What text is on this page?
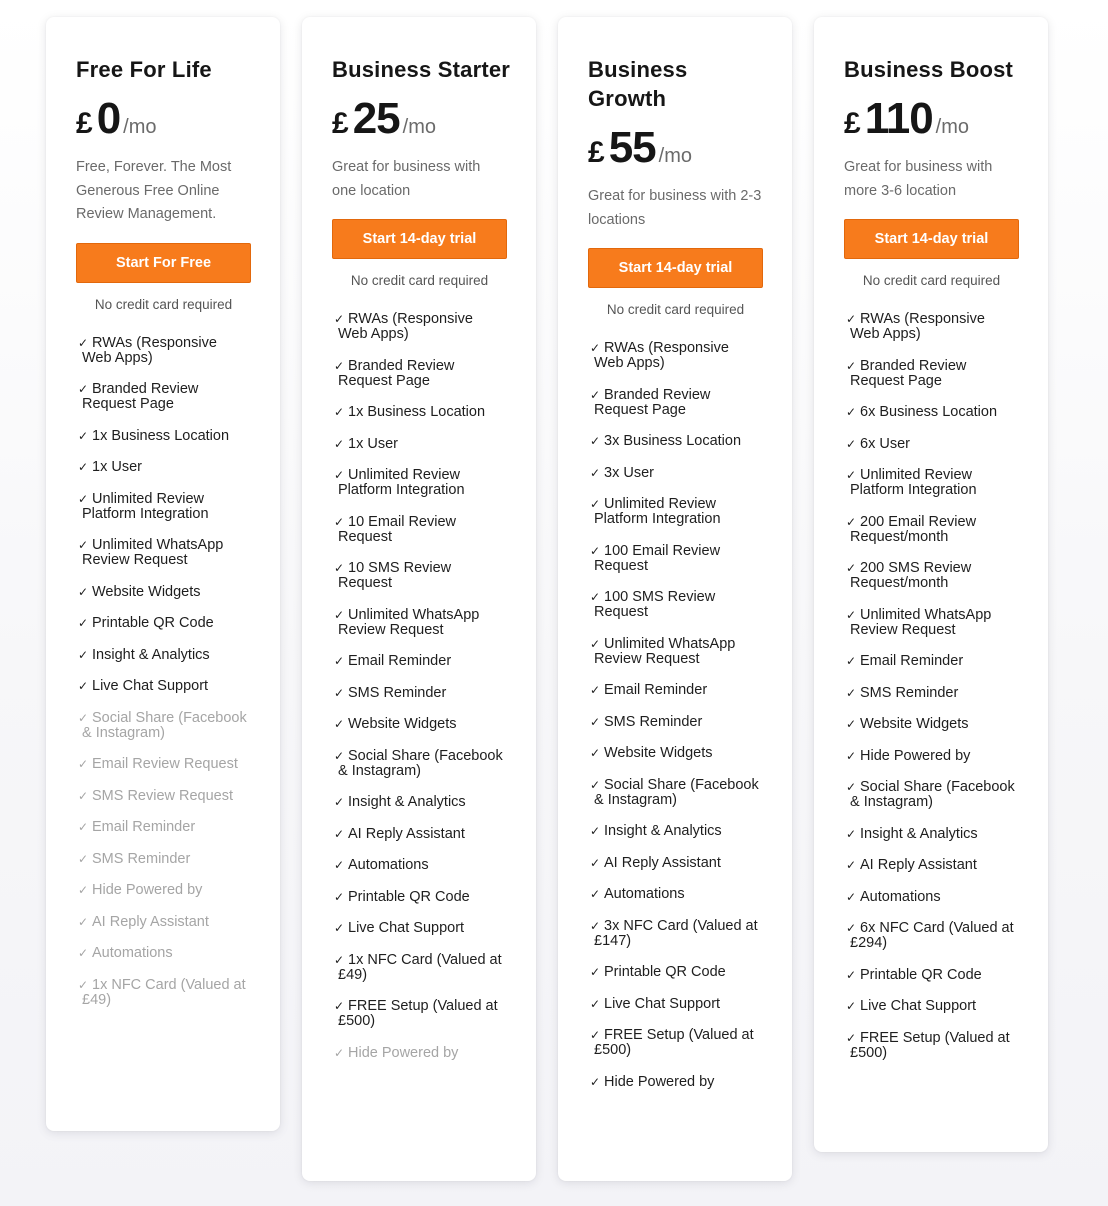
Free For Life
£ 0 /mo
Free, Forever. The Most Generous Free Online Review Management.
Start For Free
No credit card required
✓ RWAs (Responsive Web Apps)
✓ Branded Review Request Page
✓ 1x Business Location
✓ 1x User
✓ Unlimited Review Platform Integration
✓ Unlimited WhatsApp Review Request
✓ Website Widgets
✓ Printable QR Code
✓ Insight & Analytics
✓ Live Chat Support
✓ Social Share (Facebook & Instagram)
✓ Email Review Request
✓ SMS Review Request
✓ Email Reminder
✓ SMS Reminder
✓ Hide Powered by
✓ AI Reply Assistant
✓ Automations
✓ 1x NFC Card (Valued at £49)
Business Starter
£ 25 /mo
Great for business with one location
Start 14-day trial
No credit card required
✓ RWAs (Responsive Web Apps)
✓ Branded Review Request Page
✓ 1x Business Location
✓ 1x User
✓ Unlimited Review Platform Integration
✓ 10 Email Review Request
✓ 10 SMS Review Request
✓ Unlimited WhatsApp Review Request
✓ Email Reminder
✓ SMS Reminder
✓ Website Widgets
✓ Social Share (Facebook & Instagram)
✓ Insight & Analytics
✓ AI Reply Assistant
✓ Automations
✓ Printable QR Code
✓ Live Chat Support
✓ 1x NFC Card (Valued at £49)
✓ FREE Setup (Valued at £500)
✓ Hide Powered by
Business Growth
£ 55 /mo
Great for business with 2-3 locations
Start 14-day trial
No credit card required
✓ RWAs (Responsive Web Apps)
✓ Branded Review Request Page
✓ 3x Business Location
✓ 3x User
✓ Unlimited Review Platform Integration
✓ 100 Email Review Request
✓ 100 SMS Review Request
✓ Unlimited WhatsApp Review Request
✓ Email Reminder
✓ SMS Reminder
✓ Website Widgets
✓ Social Share (Facebook & Instagram)
✓ Insight & Analytics
✓ AI Reply Assistant
✓ Automations
✓ 3x NFC Card (Valued at £147)
✓ Printable QR Code
✓ Live Chat Support
✓ FREE Setup (Valued at £500)
✓ Hide Powered by
Business Boost
£ 110 /mo
Great for business with more 3-6 location
Start 14-day trial
No credit card required
✓ RWAs (Responsive Web Apps)
✓ Branded Review Request Page
✓ 6x Business Location
✓ 6x User
✓ Unlimited Review Platform Integration
✓ 200 Email Review Request/month
✓ 200 SMS Review Request/month
✓ Unlimited WhatsApp Review Request
✓ Email Reminder
✓ SMS Reminder
✓ Website Widgets
✓ Hide Powered by
✓ Social Share (Facebook & Instagram)
✓ Insight & Analytics
✓ AI Reply Assistant
✓ Automations
✓ 6x NFC Card (Valued at £294)
✓ Printable QR Code
✓ Live Chat Support
✓ FREE Setup (Valued at £500)
